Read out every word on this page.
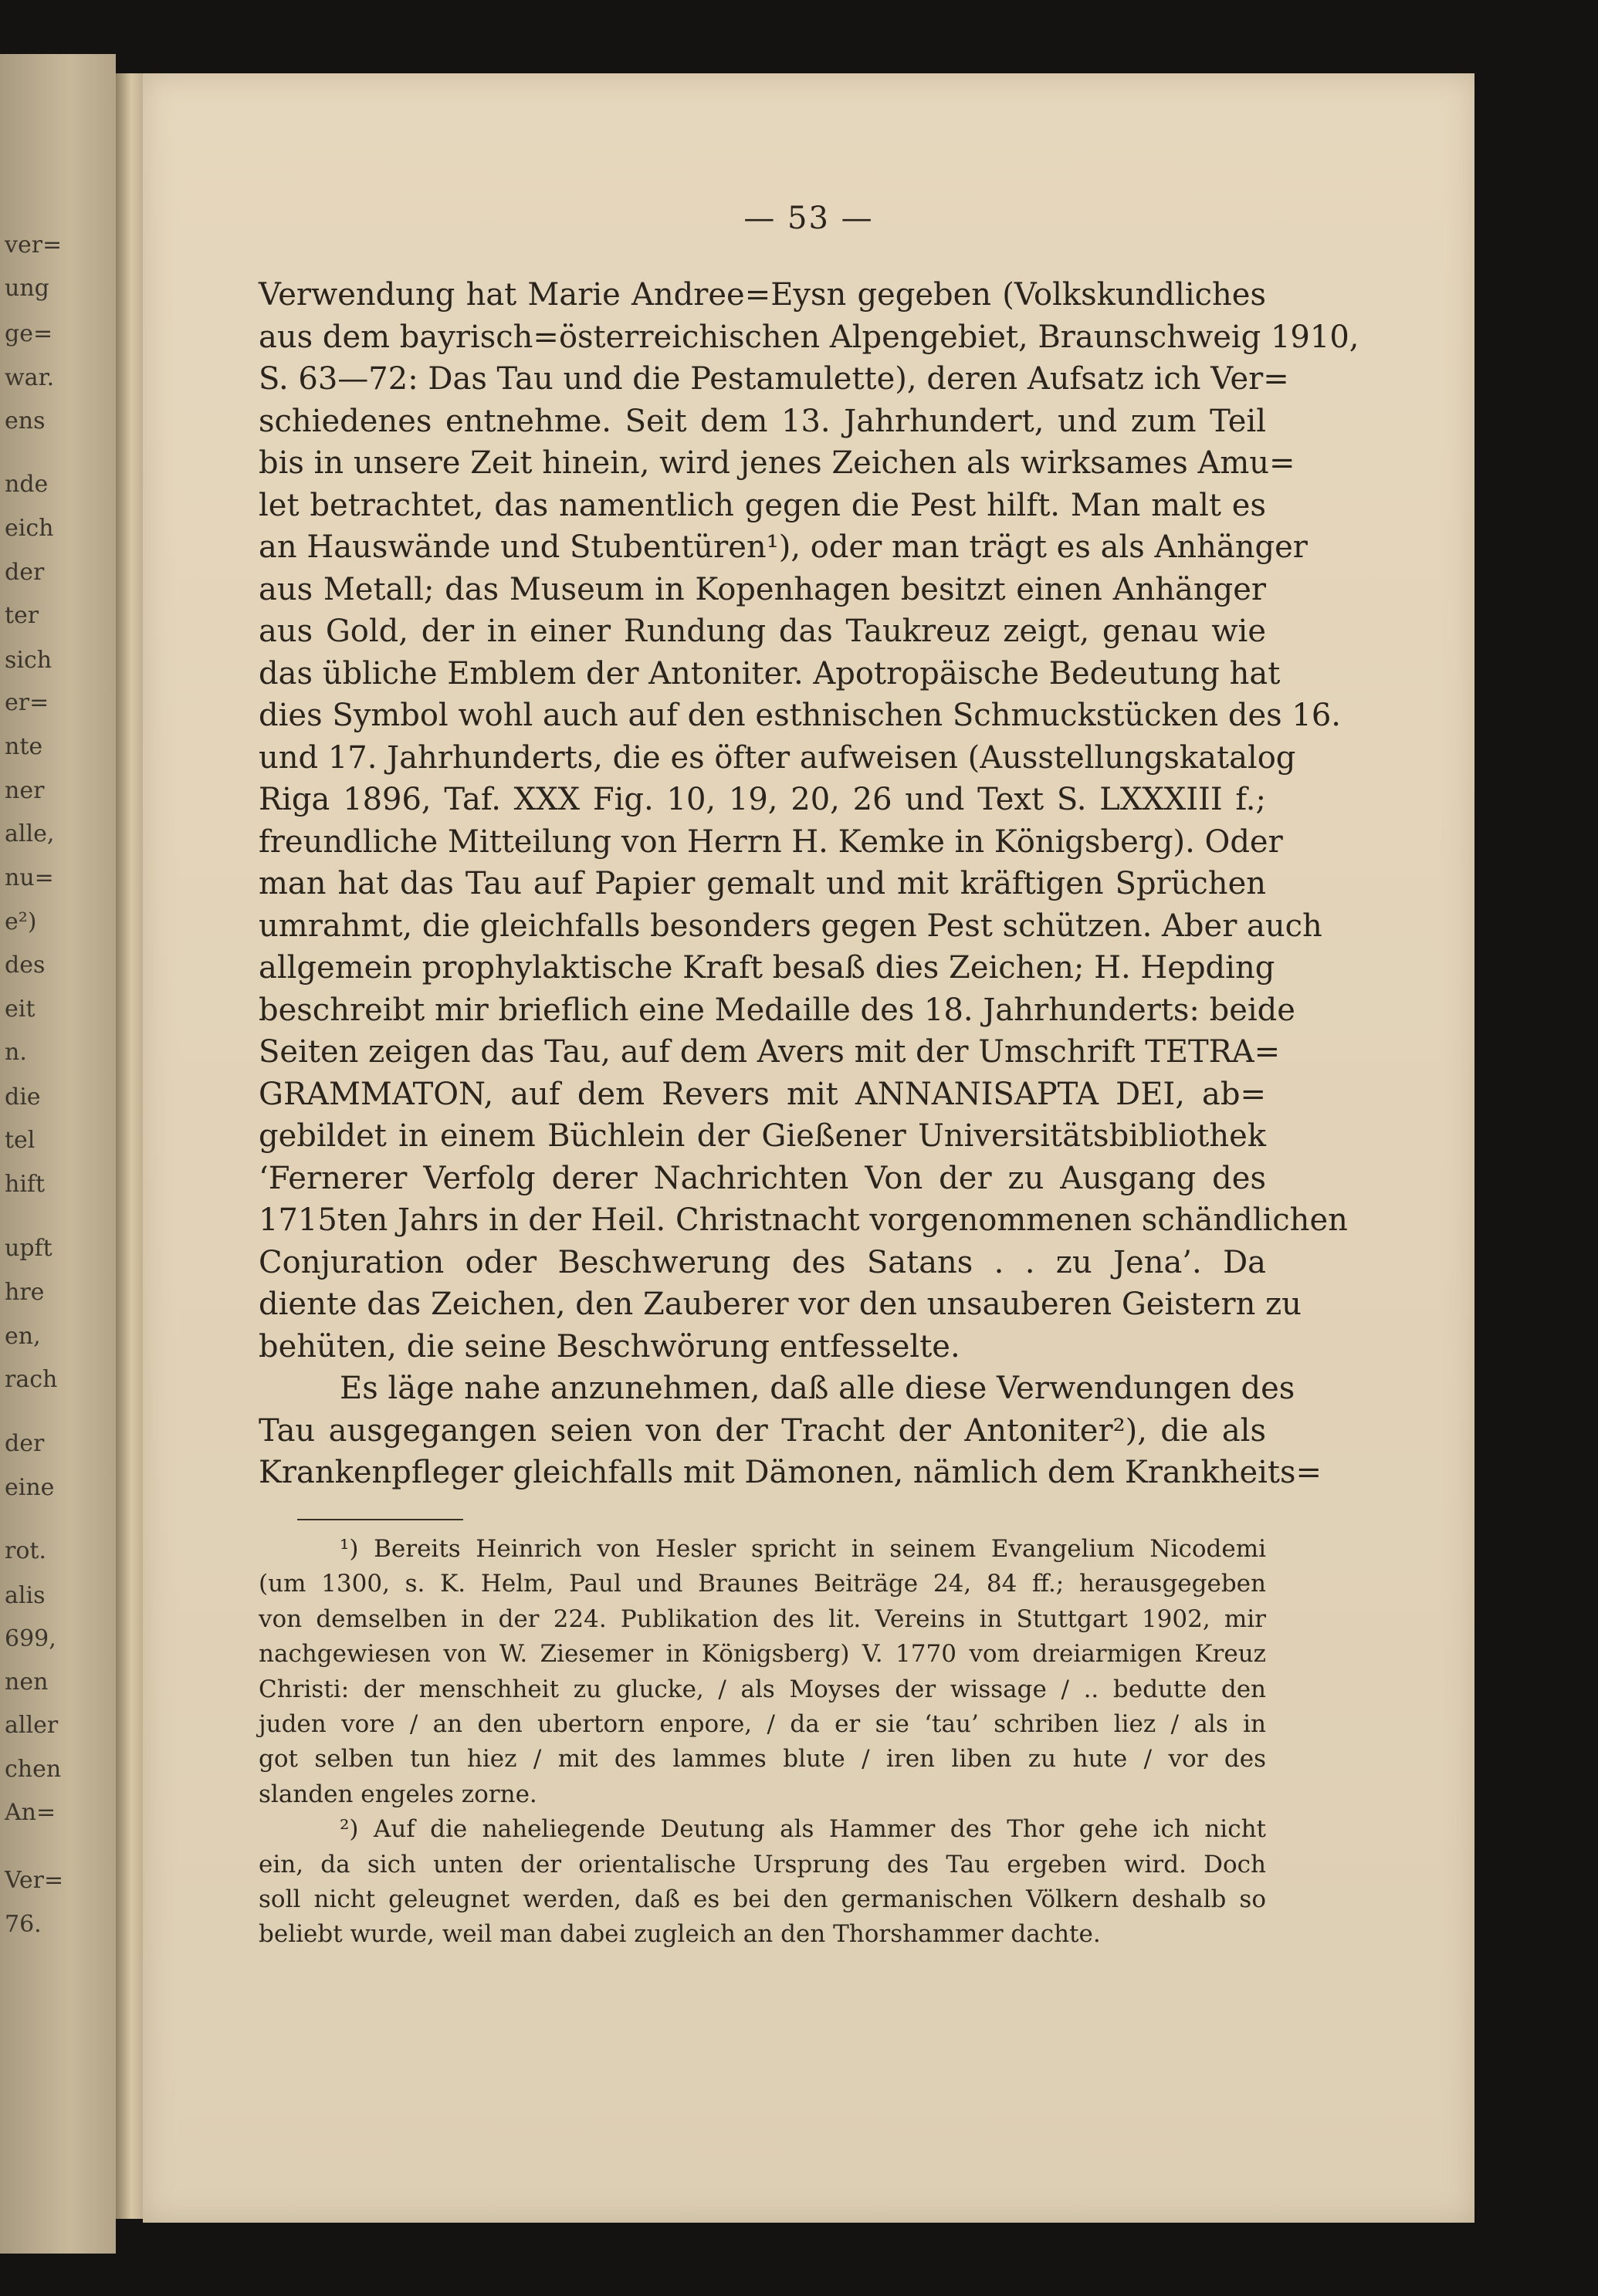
ver=
ung
ge=
war.
ens
nde
eich
der
ter
sich
er=
nte
ner
alle,
nu=
e²)
des
eit
n.
die
tel
hift
upft
hre
en,
rach
der
eine
rot.
alis
699,
nen
aller
chen
An=
Ver=
76.
— 53 —
Verwendung hat Marie Andree=Eysn gegeben (Volkskundliches
aus dem bayrisch=österreichischen Alpengebiet, Braunschweig 1910,
S. 63—72: Das Tau und die Pestamulette), deren Aufsatz ich Ver=
schiedenes entnehme. Seit dem 13. Jahrhundert, und zum Teil
bis in unsere Zeit hinein, wird jenes Zeichen als wirksames Amu=
let betrachtet, das namentlich gegen die Pest hilft. Man malt es
an Hauswände und Stubentüren¹), oder man trägt es als Anhänger
aus Metall; das Museum in Kopenhagen besitzt einen Anhänger
aus Gold, der in einer Rundung das Taukreuz zeigt, genau wie
das übliche Emblem der Antoniter. Apotropäische Bedeutung hat
dies Symbol wohl auch auf den esthnischen Schmuckstücken des 16.
und 17. Jahrhunderts, die es öfter aufweisen (Ausstellungskatalog
Riga 1896, Taf. XXX Fig. 10, 19, 20, 26 und Text S. LXXXIII f.;
freundliche Mitteilung von Herrn H. Kemke in Königsberg). Oder
man hat das Tau auf Papier gemalt und mit kräftigen Sprüchen
umrahmt, die gleichfalls besonders gegen Pest schützen. Aber auch
allgemein prophylaktische Kraft besaß dies Zeichen; H. Hepding
beschreibt mir brieflich eine Medaille des 18. Jahrhunderts: beide
Seiten zeigen das Tau, auf dem Avers mit der Umschrift TETRA=
GRAMMATON, auf dem Revers mit ANNANISAPTA DEI, ab=
gebildet in einem Büchlein der Gießener Universitätsbibliothek
‘Fernerer Verfolg derer Nachrichten Von der zu Ausgang des
1715ten Jahrs in der Heil. Christnacht vorgenommenen schändlichen
Conjuration oder Beschwerung des Satans . . zu Jena’. Da
diente das Zeichen, den Zauberer vor den unsauberen Geistern zu
behüten, die seine Beschwörung entfesselte.
Es läge nahe anzunehmen, daß alle diese Verwendungen des
Tau ausgegangen seien von der Tracht der Antoniter²), die als
Krankenpfleger gleichfalls mit Dämonen, nämlich dem Krankheits=
¹) Bereits Heinrich von Hesler spricht in seinem Evangelium Nicodemi
(um 1300, s. K. Helm, Paul und Braunes Beiträge 24, 84 ff.; herausgegeben
von demselben in der 224. Publikation des lit. Vereins in Stuttgart 1902, mir
nachgewiesen von W. Ziesemer in Königsberg) V. 1770 vom dreiarmigen Kreuz
Christi: der menschheit zu glucke, / als Moyses der wissage / .. bedutte den
juden vore / an den ubertorn enpore, / da er sie ‘tau’ schriben liez / als in
got selben tun hiez / mit des lammes blute / iren liben zu hute / vor des
slanden engeles zorne.
²) Auf die naheliegende Deutung als Hammer des Thor gehe ich nicht
ein, da sich unten der orientalische Ursprung des Tau ergeben wird. Doch
soll nicht geleugnet werden, daß es bei den germanischen Völkern deshalb so
beliebt wurde, weil man dabei zugleich an den Thorshammer dachte.
